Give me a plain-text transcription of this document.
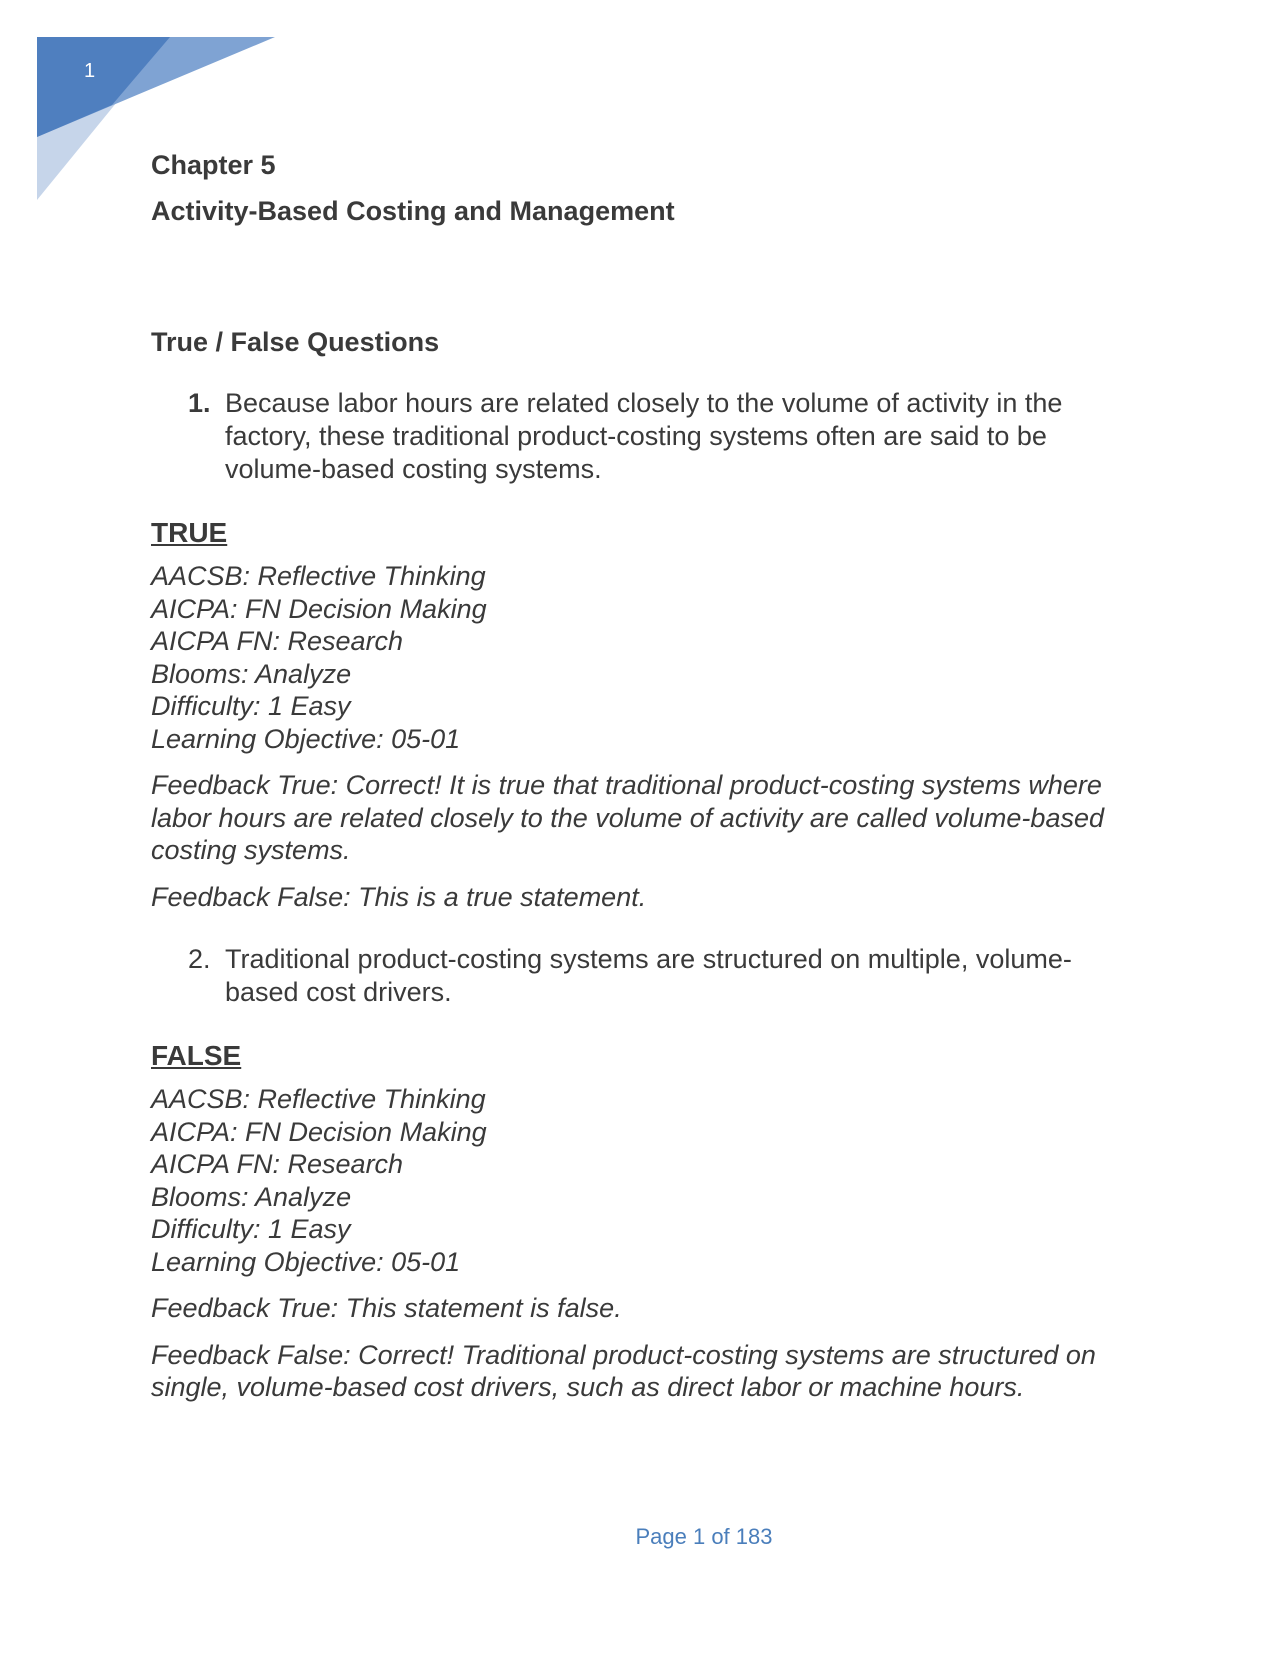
1
Chapter 5
Activity-Based Costing and Management
True / False Questions
1. Because labor hours are related closely to the volume of activity in the factory, these traditional product-costing systems often are said to be volume-based costing systems.
TRUE
AACSB: Reflective Thinking
AICPA: FN Decision Making
AICPA FN: Research
Blooms: Analyze
Difficulty: 1 Easy
Learning Objective: 05-01
Feedback True: Correct! It is true that traditional product-costing systems where labor hours are related closely to the volume of activity are called volume-based costing systems.
Feedback False: This is a true statement.
2. Traditional product-costing systems are structured on multiple, volume-based cost drivers.
FALSE
AACSB: Reflective Thinking
AICPA: FN Decision Making
AICPA FN: Research
Blooms: Analyze
Difficulty: 1 Easy
Learning Objective: 05-01
Feedback True: This statement is false.
Feedback False: Correct! Traditional product-costing systems are structured on single, volume-based cost drivers, such as direct labor or machine hours.
Page 1 of 183
